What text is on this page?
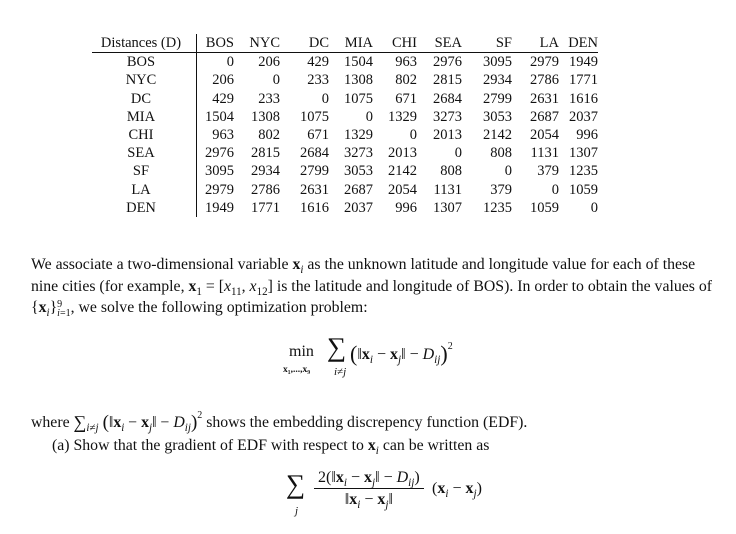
Distances (D)	BOS	NYC	DC	MIA	CHI	SEA	SF	LA	DEN
BOS	0	206	429	1504	963	2976	3095	2979	1949
NYC	206	0	233	1308	802	2815	2934	2786	1771
DC	429	233	0	1075	671	2684	2799	2631	1616
MIA	1504	1308	1075	0	1329	3273	3053	2687	2037
CHI	963	802	671	1329	0	2013	2142	2054	996
SEA	2976	2815	2684	3273	2013	0	808	1131	1307
SF	3095	2934	2799	3053	2142	808	0	379	1235
LA	2979	2786	2631	2687	2054	1131	379	0	1059
DEN	1949	1771	1616	2037	996	1307	1235	1059	0
We associate a two-dimensional variable $x_i$ as the unknown latitude and longitude value for each of these nine cities (for example, $x_1 = [x_{11}$, $x_{12}$] is the latitude and longitude of BOS). In order to obtain the values of $\{x_i\}$ 9
i=1 , we solve the following optimization problem:
min
x₁,...,x₉
∑
i≠j
($‖x_i$ − $x_j‖ - D_{ij})^2$
where $\sum_{i\ne j}$ ($‖x_i$ − $x_j‖ - D_{ij})^2$ shows the embedding discrepency function (EDF).
(a) Show that the gradient of EDF with respect to $x_i$ can be written as
∑
j
$2(‖x_i$ − $x_j‖ - D_{ij}$)
$‖x_i$ − $x_j‖$
$(x_i - x_j)$
